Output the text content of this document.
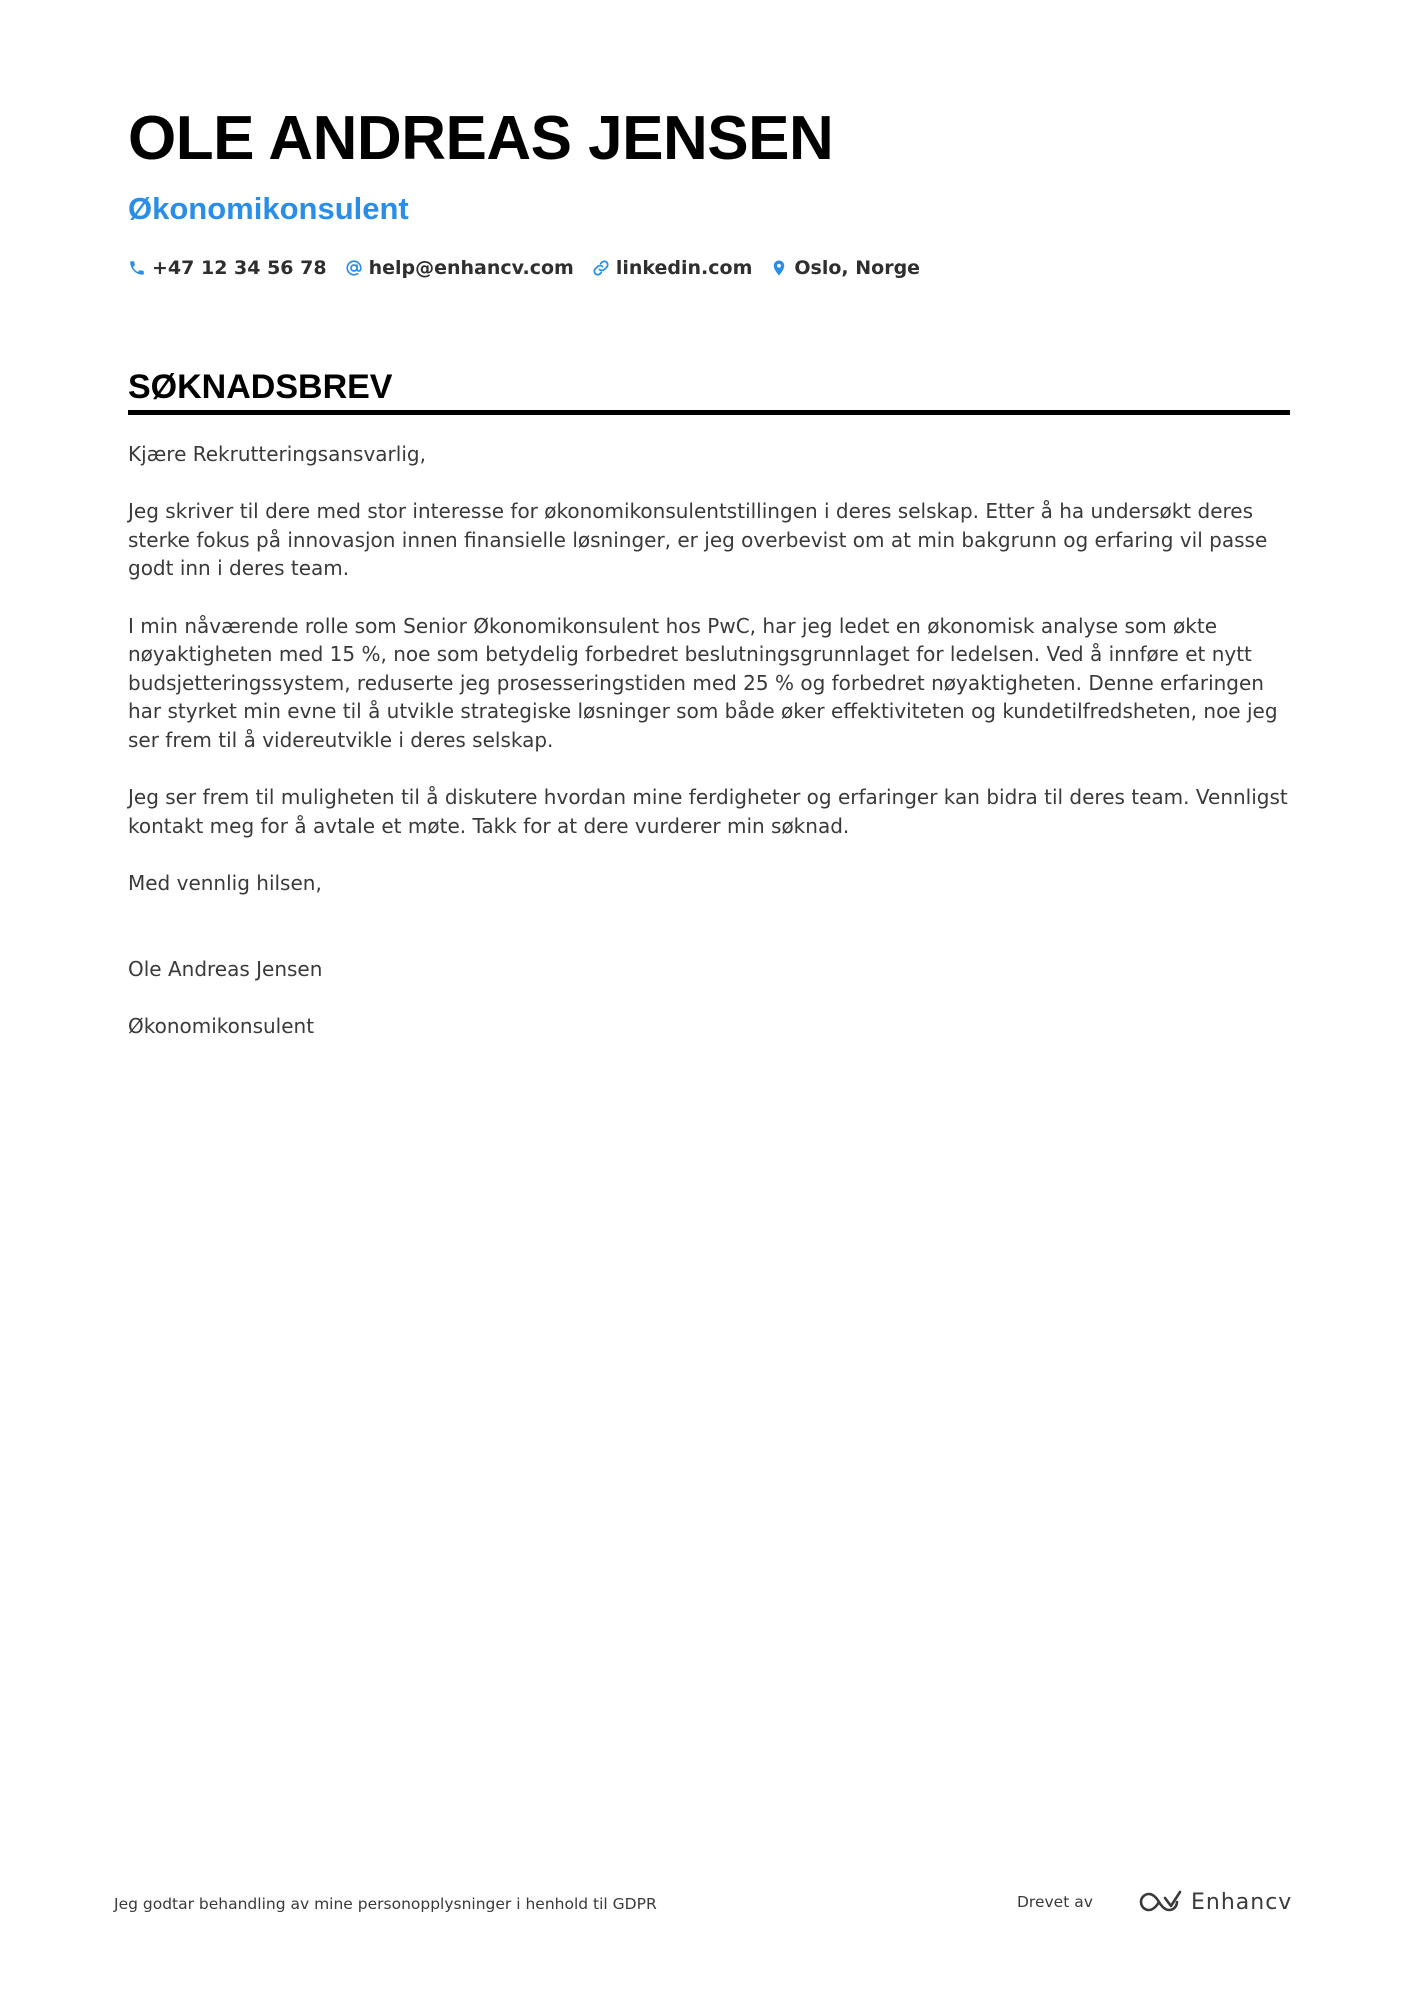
OLE ANDREAS JENSEN
Økonomikonsulent
+47 12 34 56 78 help@enhancv.com linkedin.com Oslo, Norge
SØKNADSBREV

Kjære Rekrutteringsansvarlig,

Jeg skriver til dere med stor interesse for økonomikonsulentstillingen i deres selskap. Etter å ha undersøkt deres sterke fokus på innovasjon innen finansielle løsninger, er jeg overbevist om at min bakgrunn og erfaring vil passe godt inn i deres team.

I min nåværende rolle som Senior Økonomikonsulent hos PwC, har jeg ledet en økonomisk analyse som økte nøyaktigheten med 15 %, noe som betydelig forbedret beslutningsgrunnlaget for ledelsen. Ved å innføre et nytt budsjetteringssystem, reduserte jeg prosesseringstiden med 25 % og forbedret nøyaktigheten. Denne erfaringen har styrket min evne til å utvikle strategiske løsninger som både øker effektiviteten og kundetilfredsheten, noe jeg ser frem til å videreutvikle i deres selskap.

Jeg ser frem til muligheten til å diskutere hvordan mine ferdigheter og erfaringer kan bidra til deres team. Vennligst kontakt meg for å avtale et møte. Takk for at dere vurderer min søknad.

Med vennlig hilsen,

Ole Andreas Jensen

Økonomikonsulent

Jeg godtar behandling av mine personopplysninger i henhold til GDPR	Drevet av	Enhancv
